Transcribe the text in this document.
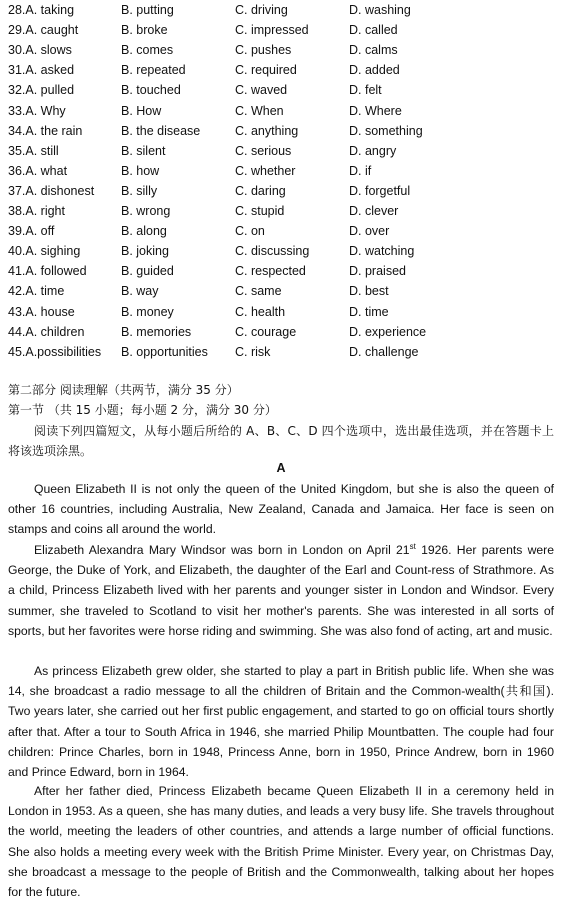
28.A. taking	B. putting	C. driving	D. washing
29.A. caught	B. broke	C. impressed	D. called
30.A. slows	B. comes	C. pushes	D. calms
31.A. asked	B. repeated	C. required	D. added
32.A. pulled	B. touched	C. waved	D. felt
33.A. Why	B. How	C. When	D. Where
34.A. the rain	B. the disease	C. anything	D. something
35.A. still	B. silent	C. serious	D. angry
36.A. what	B. how	C. whether	D. if
37.A. dishonest B. silly	C. daring	D. forgetful
38.A. right	B. wrong	C. stupid	D. clever
39.A. off	B. along	C. on	D. over
40.A. sighing	B. joking	C. discussing	D. watching
41.A. followed	B. guided	C. respected	D. praised
42.A. time	B. way	C. same	D. best
43.A. house	B. money	C. health	D. time
44.A. children	B. memories	C. courage	D. experience
45.A.possibilities B. opportunities C. risk	D. challenge
第二部分 阅读理解（共两节，满分 35 分）
第一节 （共 15 小题；每小题 2 分，满分 30 分）
阅读下列四篇短文，从每小题后所给的 A、B、C、D 四个选项中，选出最佳选项，并在答题卡上将该选项涂黑。
A

Queen Elizabeth II is not only the queen of the United Kingdom, but she is also the queen of other 16 countries, including Australia, New Zealand, Canada and Jamaica. Her face is seen on stamps and coins all around the world.

Elizabeth Alexandra Mary Windsor was born in London on April 21st 1926. Her parents were George, the Duke of York, and Elizabeth, the daughter of the Earl and Count-ress of Strathmore. As a child, Princess Elizabeth lived with her parents and younger sister in London and Windsor. Every summer, she traveled to Scotland to visit her mother's parents. She was interested in all sorts of sports, but her favorites were horse riding and swimming. She was also fond of acting, art and music.

As princess Elizabeth grew older, she started to play a part in British public life. When she was 14, she broadcast a radio message to all the children of Britain and the Common-wealth(共和国). Two years later, she carried out her first public engagement, and started to go on official tours shortly after that. After a tour to South Africa in 1946, she married Philip Mountbatten. The couple had four children: Prince Charles, born in 1948, Princess Anne, born in 1950, Prince Andrew, born in 1960 and Prince Edward, born in 1964.

After her father died, Princess Elizabeth became Queen Elizabeth II in a ceremony held in London in 1953. As a queen, she has many duties, and leads a very busy life. She travels throughout the world, meeting the leaders of other countries, and attends a large number of official functions. She also holds a meeting every week with the British Prime Minister. Every year, on Christmas Day, she broadcast a message to the people of British and the Commonwealth, talking about her hopes for the future.
